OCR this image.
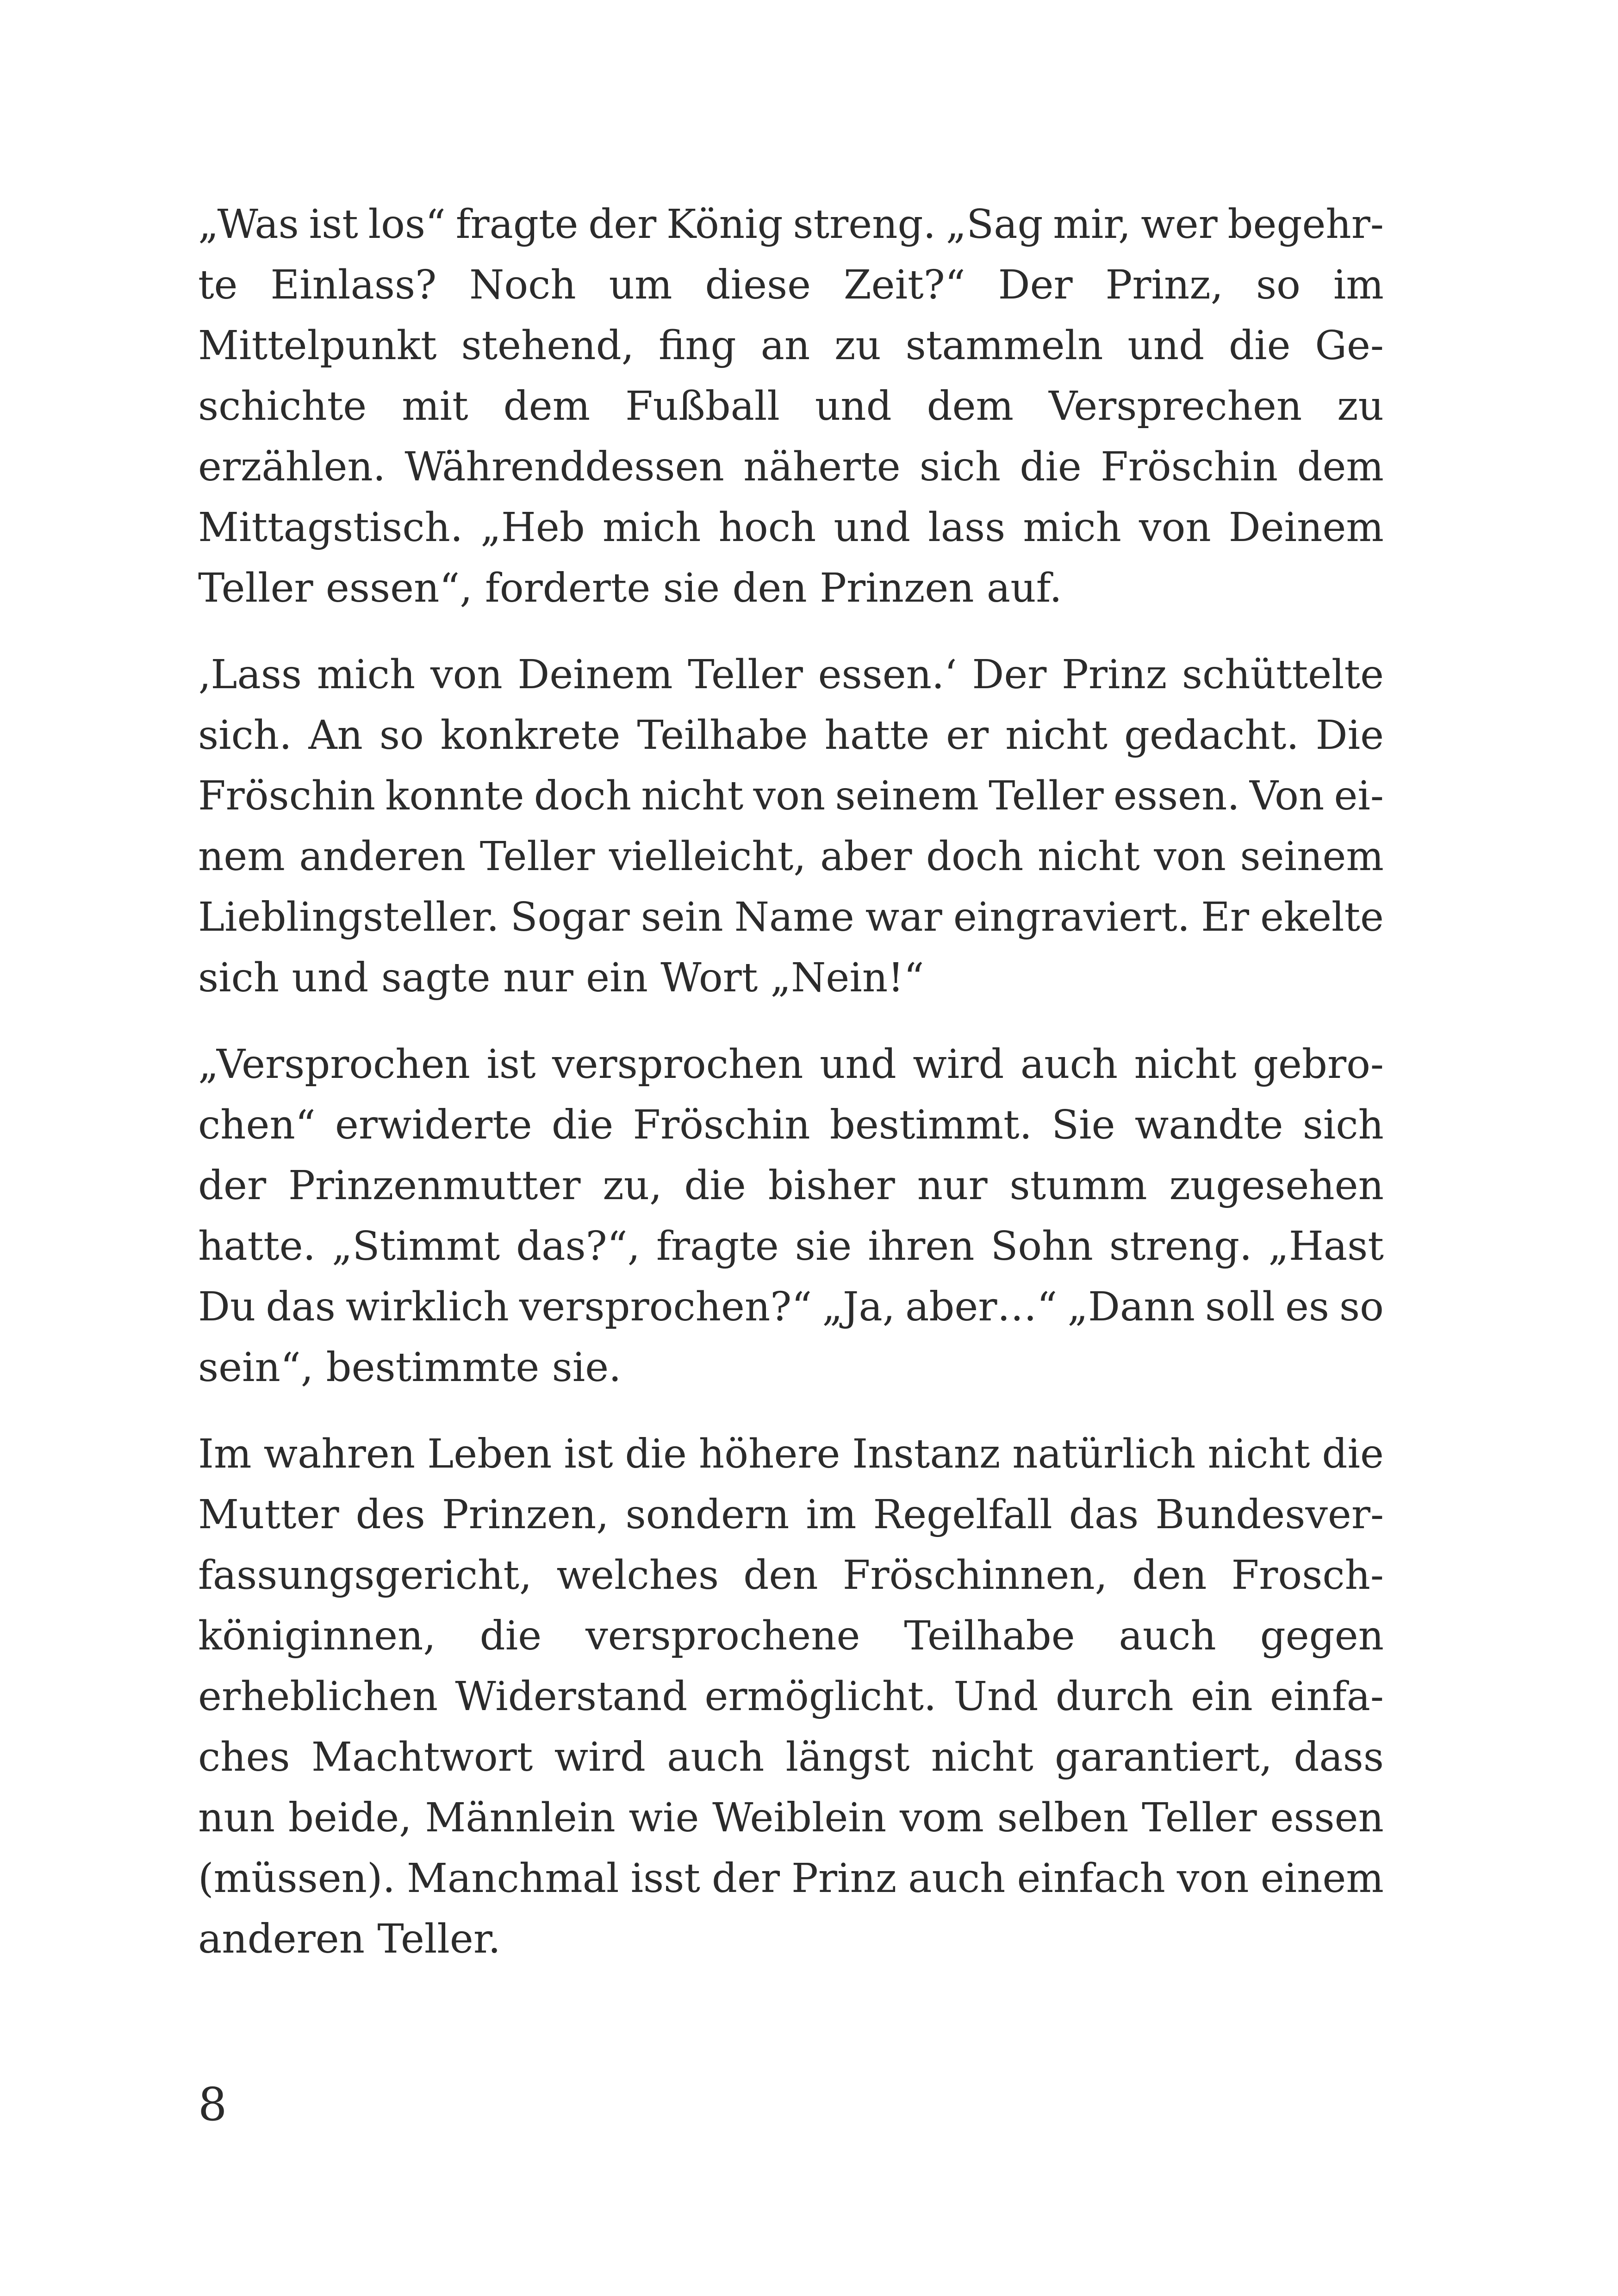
„Was ist los“ fragte der König streng. „Sag mir, wer begehr-
te Einlass? Noch um diese Zeit?“ Der Prinz, so im
Mittelpunkt stehend, fing an zu stammeln und die Ge-
schichte mit dem Fußball und dem Versprechen zu
erzählen. Währenddessen näherte sich die Fröschin dem
Mittagstisch. „Heb mich hoch und lass mich von Deinem
Teller essen“, forderte sie den Prinzen auf.
‚Lass mich von Deinem Teller essen.‘ Der Prinz schüttelte
sich. An so konkrete Teilhabe hatte er nicht gedacht. Die
Fröschin konnte doch nicht von seinem Teller essen. Von ei-
nem anderen Teller vielleicht, aber doch nicht von seinem
Lieblingsteller. Sogar sein Name war eingraviert. Er ekelte
sich und sagte nur ein Wort „Nein!“
„Versprochen ist versprochen und wird auch nicht gebro-
chen“ erwiderte die Fröschin bestimmt. Sie wandte sich
der Prinzenmutter zu, die bisher nur stumm zugesehen
hatte. „Stimmt das?“, fragte sie ihren Sohn streng. „Hast
Du das wirklich versprochen?“ „Ja, aber…“ „Dann soll es so
sein“, bestimmte sie.
Im wahren Leben ist die höhere Instanz natürlich nicht die
Mutter des Prinzen, sondern im Regelfall das Bundesver-
fassungsgericht, welches den Fröschinnen, den Frosch-
königinnen, die versprochene Teilhabe auch gegen
erheblichen Widerstand ermöglicht. Und durch ein einfa-
ches Machtwort wird auch längst nicht garantiert, dass
nun beide, Männlein wie Weiblein vom selben Teller essen
(müssen). Manchmal isst der Prinz auch einfach von einem
anderen Teller.
8
